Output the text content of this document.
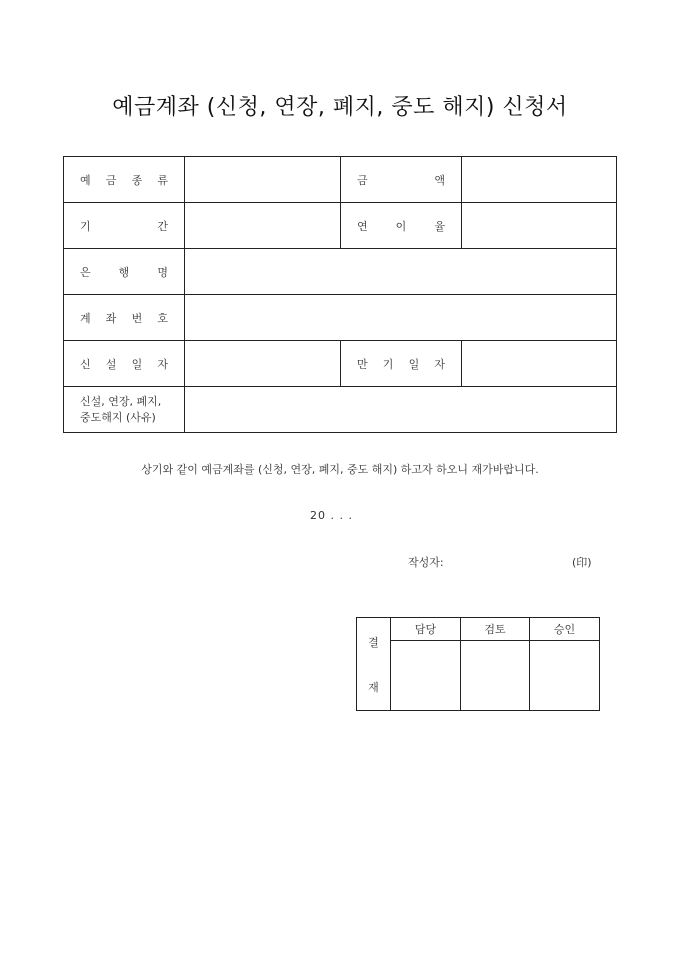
예금계좌 (신청, 연장, 폐지, 중도 해지) 신청서
예 금 종 류		금 액	

기 간		연 이 율	

은 행 명			

계 좌 번 호			

신 설 일 자		만 기 일 자	

신설, 연장, 폐지,
중도해지 (사유)			

상기와 같이 예금계좌를 (신청, 연장, 폐지, 중도 해지) 하고자 하오니 재가바랍니다.
20 . . .
작성자:	(印)
결
재	담당	검토	승인
